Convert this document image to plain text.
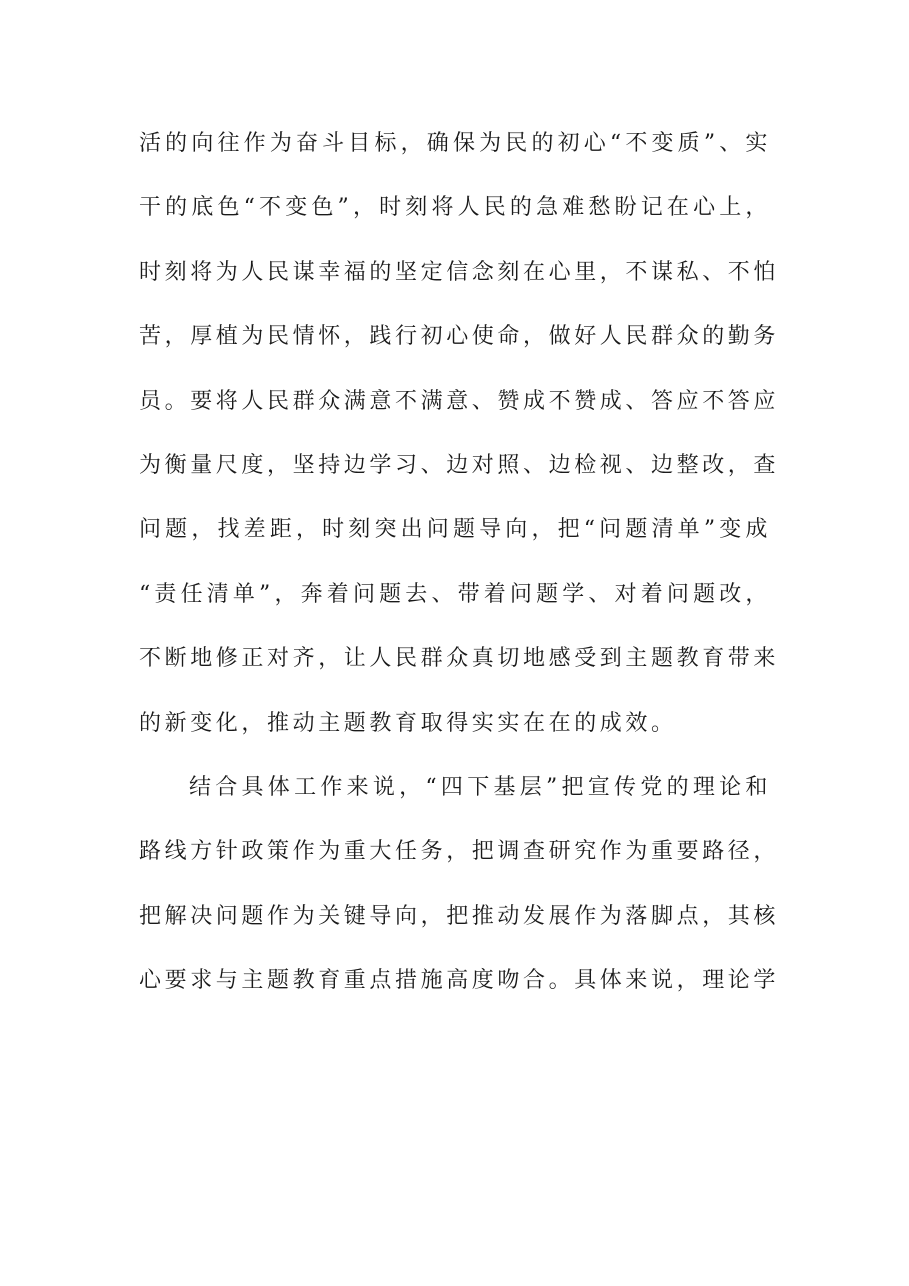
活的向往作为奋斗目标，确保为民的初心“不变质”、实
干的底色“不变色”，时刻将人民的急难愁盼记在心上，
时刻将为人民谋幸福的坚定信念刻在心里，不谋私、不怕
苦，厚植为民情怀，践行初心使命，做好人民群众的勤务
员。要将人民群众满意不满意、赞成不赞成、答应不答应
为衡量尺度，坚持边学习、边对照、边检视、边整改，查
问题，找差距，时刻突出问题导向，把“问题清单”变成
“责任清单”，奔着问题去、带着问题学、对着问题改，
不断地修正对齐，让人民群众真切地感受到主题教育带来
的新变化，推动主题教育取得实实在在的成效。
结合具体工作来说，“四下基层”把宣传党的理论和
路线方针政策作为重大任务，把调查研究作为重要路径，
把解决问题作为关键导向，把推动发展作为落脚点，其核
心要求与主题教育重点措施高度吻合。具体来说，理论学
